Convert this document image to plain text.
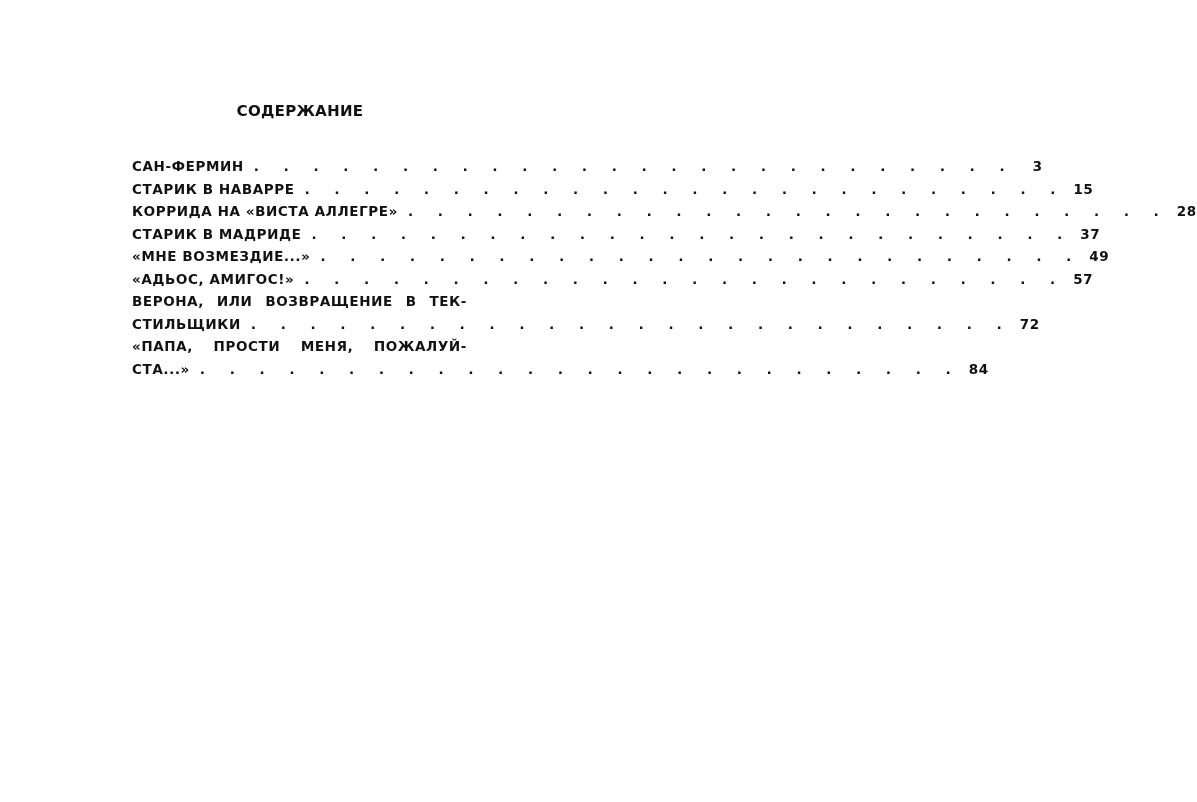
СОДЕРЖАНИЕ
САН-ФЕРМИН . . . . . . . . . . . . . . . . . . . . . . . . . .	3
СТАРИК В НАВАРРЕ . . . . . . . . . . . . . . . . . . . . . . . . . . 15
КОРРИДА НА «ВИСТА АЛЛЕГРЕ» . . . . . . . . . . . . . . . . . . . . . . . . . . 28
СТАРИК В МАДРИДЕ . . . . . . . . . . . . . . . . . . . . . . . . . . 37
«МНЕ ВОЗМЕЗДИЕ...» . . . . . . . . . . . . . . . . . . . . . . . . . . 49
«АДЬОС, АМИГОС!» . . . . . . . . . . . . . . . . . . . . . . . . . . 57
ВЕРОНА, ИЛИ ВОЗВРАЩЕНИЕ В ТЕК-
СТИЛЬЩИКИ . . . . . . . . . . . . . . . . . . . . . . . . . . 72
«ПАПА, ПРОСТИ МЕНЯ, ПОЖАЛУЙ-
СТА...» . . . . . . . . . . . . . . . . . . . . . . . . . . 84
